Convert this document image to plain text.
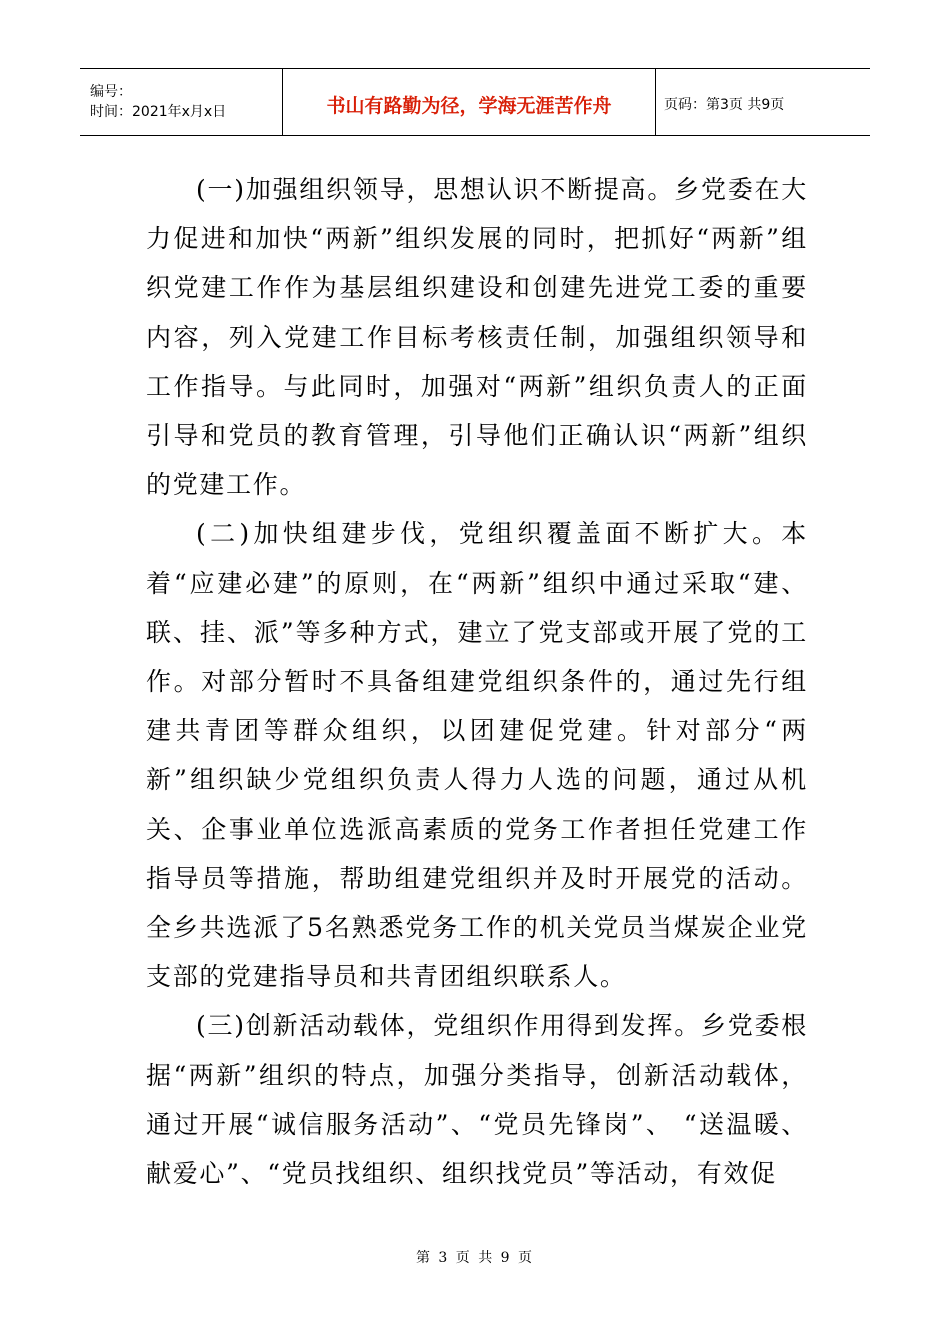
编号：
时间：2021年x月x日	书山有路勤为径，学海无涯苦作舟	页码：第3页 共9页

(一)加强组织领导，思想认识不断提高。乡党委在大力促进和加快“两新”组织发展的同时，把抓好“两新”组织党建工作作为基层组织建设和创建先进党工委的重要内容，列入党建工作目标考核责任制，加强组织领导和工作指导。与此同时，加强对“两新”组织负责人的正面引导和党员的教育管理，引导他们正确认识“两新”组织的党建工作。

(二)加快组建步伐，党组织覆盖面不断扩大。本着“应建必建”的原则，在“两新”组织中通过采取“建、联、挂、派”等多种方式，建立了党支部或开展了党的工作。对部分暂时不具备组建党组织条件的，通过先行组建共青团等群众组织，以团建促党建。针对部分“两新”组织缺少党组织负责人得力人选的问题，通过从机关、企事业单位选派高素质的党务工作者担任党建工作指导员等措施，帮助组建党组织并及时开展党的活动。全乡共选派了5名熟悉党务工作的机关党员当煤炭企业党支部的党建指导员和共青团组织联系人。

(三)创新活动载体，党组织作用得到发挥。乡党委根据“两新”组织的特点，加强分类指导，创新活动载体，通过开展“诚信服务活动”、“党员先锋岗”、 “送温暖、献爱心”、“党员找组织、组织找党员”等活动，有效促

第 3 页 共 9 页
